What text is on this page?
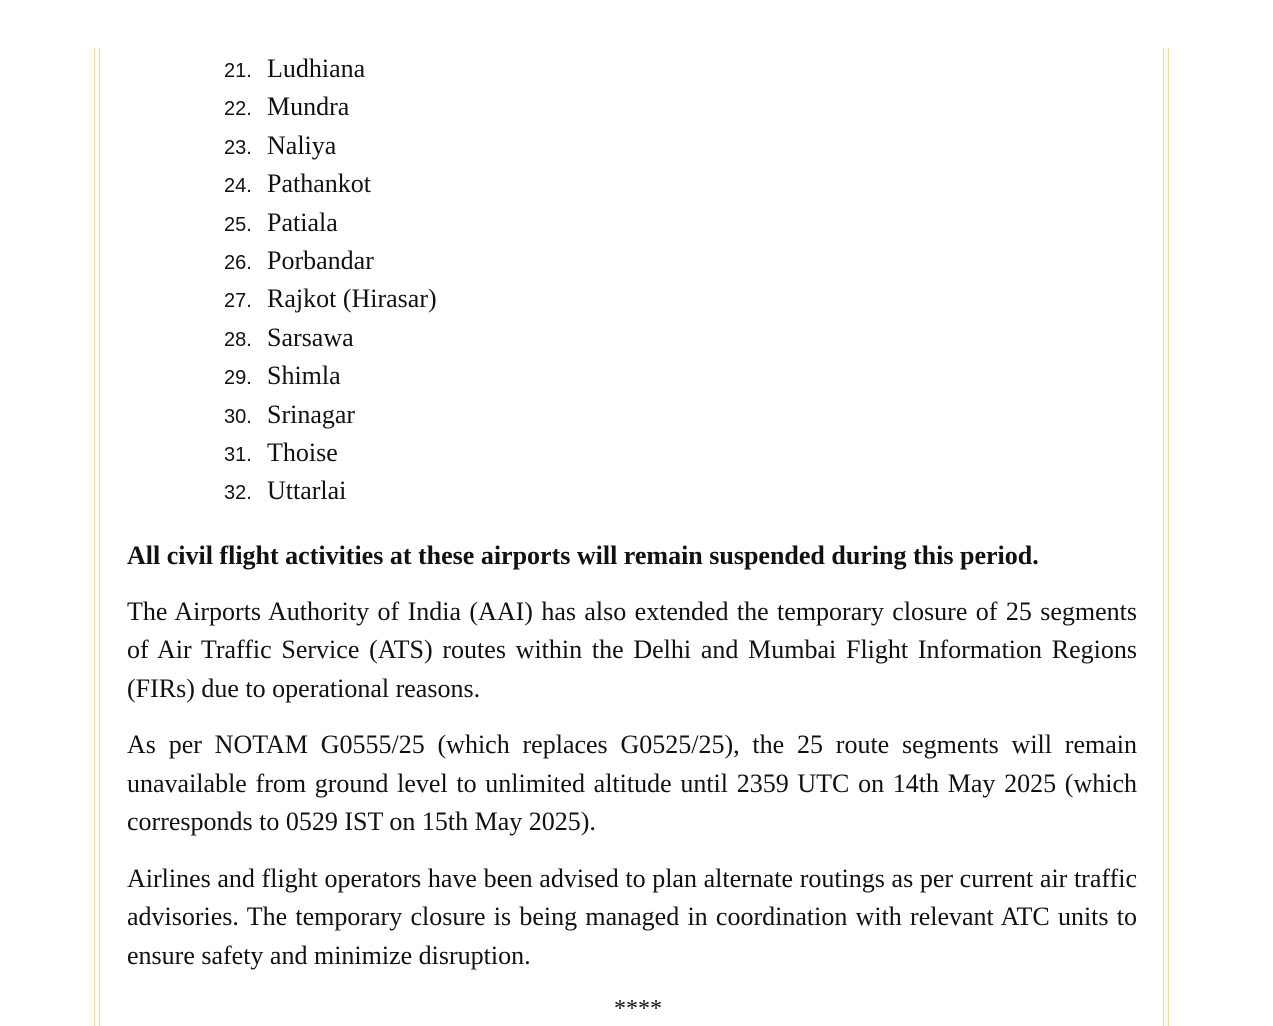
21. Ludhiana
22. Mundra
23. Naliya
24. Pathankot
25. Patiala
26. Porbandar
27. Rajkot (Hirasar)
28. Sarsawa
29. Shimla
30. Srinagar
31. Thoise
32. Uttarlai
All civil flight activities at these airports will remain suspended during this period.

The Airports Authority of India (AAI) has also extended the temporary closure of 25 segments of Air Traffic Service (ATS) routes within the Delhi and Mumbai Flight Information Regions (FIRs) due to operational reasons.

As per NOTAM G0555/25 (which replaces G0525/25), the 25 route segments will remain unavailable from ground level to unlimited altitude until 2359 UTC on 14th May 2025 (which corresponds to 0529 IST on 15th May 2025).

Airlines and flight operators have been advised to plan alternate routings as per current air traffic advisories. The temporary closure is being managed in coordination with relevant ATC units to ensure safety and minimize disruption.

****
